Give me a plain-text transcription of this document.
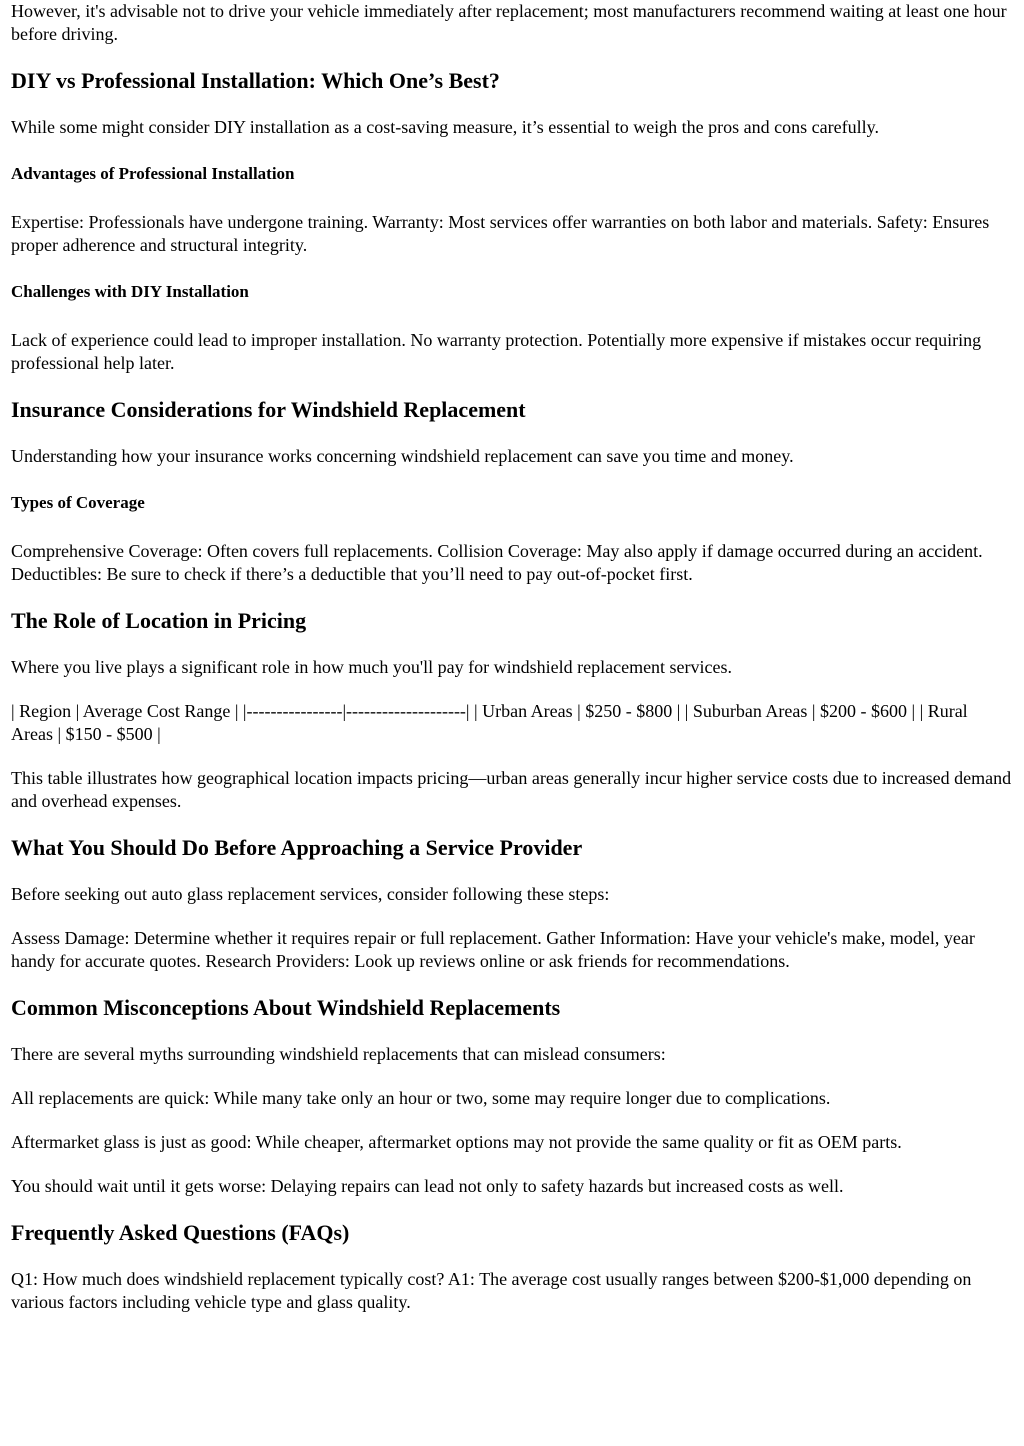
However, it's advisable not to drive your vehicle immediately after replacement; most manufacturers recommend waiting at least one hour before driving.

DIY vs Professional Installation: Which One’s Best?

While some might consider DIY installation as a cost-saving measure, it’s essential to weigh the pros and cons carefully.

Advantages of Professional Installation

Expertise: Professionals have undergone training. Warranty: Most services offer warranties on both labor and materials. Safety: Ensures proper adherence and structural integrity.

Challenges with DIY Installation

Lack of experience could lead to improper installation. No warranty protection. Potentially more expensive if mistakes occur requiring professional help later.

Insurance Considerations for Windshield Replacement

Understanding how your insurance works concerning windshield replacement can save you time and money.

Types of Coverage

Comprehensive Coverage: Often covers full replacements. Collision Coverage: May also apply if damage occurred during an accident. Deductibles: Be sure to check if there’s a deductible that you’ll need to pay out-of-pocket first.

The Role of Location in Pricing

Where you live plays a significant role in how much you'll pay for windshield replacement services.

| Region | Average Cost Range | |----------------|--------------------| | Urban Areas | $250 - $800 | | Suburban Areas | $200 - $600 | | Rural Areas | $150 - $500 |

This table illustrates how geographical location impacts pricing—urban areas generally incur higher service costs due to increased demand and overhead expenses.

What You Should Do Before Approaching a Service Provider

Before seeking out auto glass replacement services, consider following these steps:

Assess Damage: Determine whether it requires repair or full replacement. Gather Information: Have your vehicle's make, model, year handy for accurate quotes. Research Providers: Look up reviews online or ask friends for recommendations.

Common Misconceptions About Windshield Replacements

There are several myths surrounding windshield replacements that can mislead consumers:

All replacements are quick: While many take only an hour or two, some may require longer due to complications.

Aftermarket glass is just as good: While cheaper, aftermarket options may not provide the same quality or fit as OEM parts.

You should wait until it gets worse: Delaying repairs can lead not only to safety hazards but increased costs as well.

Frequently Asked Questions (FAQs)

Q1: How much does windshield replacement typically cost? A1: The average cost usually ranges between $200-$1,000 depending on various factors including vehicle type and glass quality.
